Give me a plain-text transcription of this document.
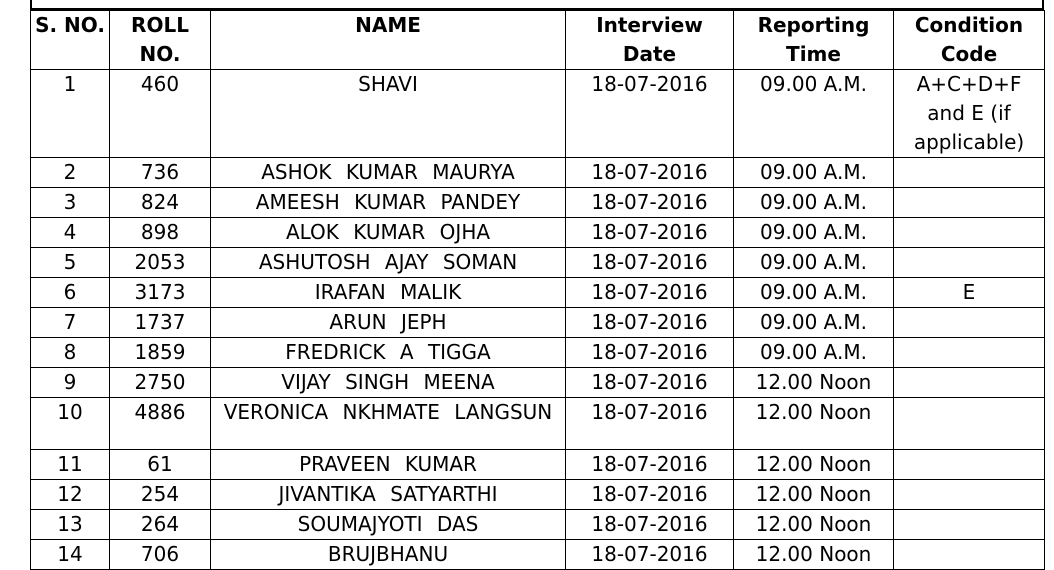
S. NO.	ROLL NO.	NAME	Interview Date	Reporting Time	Condition Code
1	460	SHAVI	18-07-2016	09.00 A.M.	A+C+D+F and E (if applicable)
2	736	ASHOK KUMAR MAURYA	18-07-2016	09.00 A.M.	
3	824	AMEESH KUMAR PANDEY	18-07-2016	09.00 A.M.	
4	898	ALOK KUMAR OJHA	18-07-2016	09.00 A.M.	
5	2053	ASHUTOSH AJAY SOMAN	18-07-2016	09.00 A.M.	
6	3173	IRAFAN MALIK	18-07-2016	09.00 A.M.	E
7	1737	ARUN JEPH	18-07-2016	09.00 A.M.	
8	1859	FREDRICK A TIGGA	18-07-2016	09.00 A.M.	
9	2750	VIJAY SINGH MEENA	18-07-2016	12.00 Noon	
10	4886	VERONICA NKHMATE LANGSUN	18-07-2016	12.00 Noon	
11	61	PRAVEEN KUMAR	18-07-2016	12.00 Noon	
12	254	JIVANTIKA SATYARTHI	18-07-2016	12.00 Noon	
13	264	SOUMAJYOTI DAS	18-07-2016	12.00 Noon	
14	706	BRUJBHANU	18-07-2016	12.00 Noon	
